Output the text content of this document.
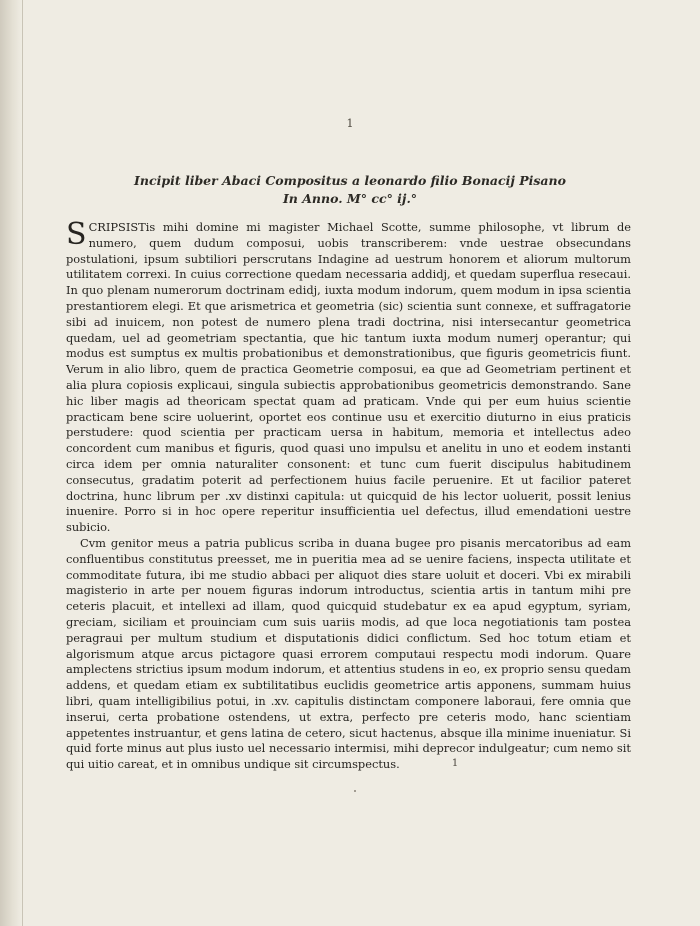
1

Incipit liber Abaci Compositus a leonardo filio Bonacij Pisano
In Anno. M° cc° ij.°

S CRIPSISTis mihi domine mi magister Michael Scotte, summe philosophe, vt librum de numero, quem dudum composui, uobis transcriberem: vnde uestrae obsecundans postulationi, ipsum subtiliori perscrutans Indagine ad uestrum honorem et aliorum multorum utilitatem correxi. In cuius correctione quedam necessaria addidj, et quedam superflua resecaui. In quo plenam numerorum doctrinam edidj, iuxta modum indorum, quem modum in ipsa scientia prestantiorem elegi. Et que arismetrica et geometria (sic) scientia sunt connexe, et suffragatorie sibi ad inuicem, non potest de numero plena tradi doctrina, nisi intersecantur geometrica quedam, uel ad geometriam spectantia, que hic tantum iuxta modum numerj operantur; qui modus est sumptus ex multis probationibus et demonstrationibus, que figuris geometricis fiunt. Verum in alio libro, quem de practica Geometrie composui, ea que ad Geometriam pertinent et alia plura copiosis explicaui, singula subiectis approbationibus geometricis demonstrando. Sane hic liber magis ad theoricam spectat quam ad praticam. Vnde qui per eum huius scientie practicam bene scire uoluerint, oportet eos continue usu et exercitio diuturno in eius praticis perstudere: quod scientia per practicam uersa in habitum, memoria et intellectus adeo concordent cum manibus et figuris, quod quasi uno impulsu et anelitu in uno et eodem instanti circa idem per omnia naturaliter consonent: et tunc cum fuerit discipulus habitudinem consecutus, gradatim poterit ad perfectionem huius facile peruenire. Et ut facilior pateret doctrina, hunc librum per .xv distinxi capitula: ut quicquid de his lector uoluerit, possit lenius inuenire. Porro si in hoc opere reperitur insufficientia uel defectus, illud emendationi uestre subicio.

Cvm genitor meus a patria publicus scriba in duana bugee pro pisanis mercatoribus ad eam confluentibus constitutus preesset, me in pueritia mea ad se uenire faciens, inspecta utilitate et commoditate futura, ibi me studio abbaci per aliquot dies stare uoluit et doceri. Vbi ex mirabili magisterio in arte per nouem figuras indorum introductus, scientia artis in tantum mihi pre ceteris placuit, et intellexi ad illam, quod quicquid studebatur ex ea apud egyptum, syriam, greciam, siciliam et prouinciam cum suis uariis modis, ad que loca negotiationis tam postea peragraui per multum studium et disputationis didici conflictum. Sed hoc totum etiam et algorismum atque arcus pictagore quasi errorem computaui respectu modi indorum. Quare amplectens strictius ipsum modum indorum, et attentius studens in eo, ex proprio sensu quedam addens, et quedam etiam ex subtilitatibus euclidis geometrice artis apponens, summam huius libri, quam intelligibilius potui, in .xv. capitulis distinctam componere laboraui, fere omnia que inserui, certa probatione ostendens, ut extra, perfecto pre ceteris modo, hanc scientiam appetentes instruantur, et gens latina de cetero, sicut hactenus, absque illa minime inueniatur. Si quid forte minus aut plus iusto uel necessario intermisi, mihi deprecor indulgeatur; cum nemo sit qui uitio careat, et in omnibus undique sit circumspectus.	1
